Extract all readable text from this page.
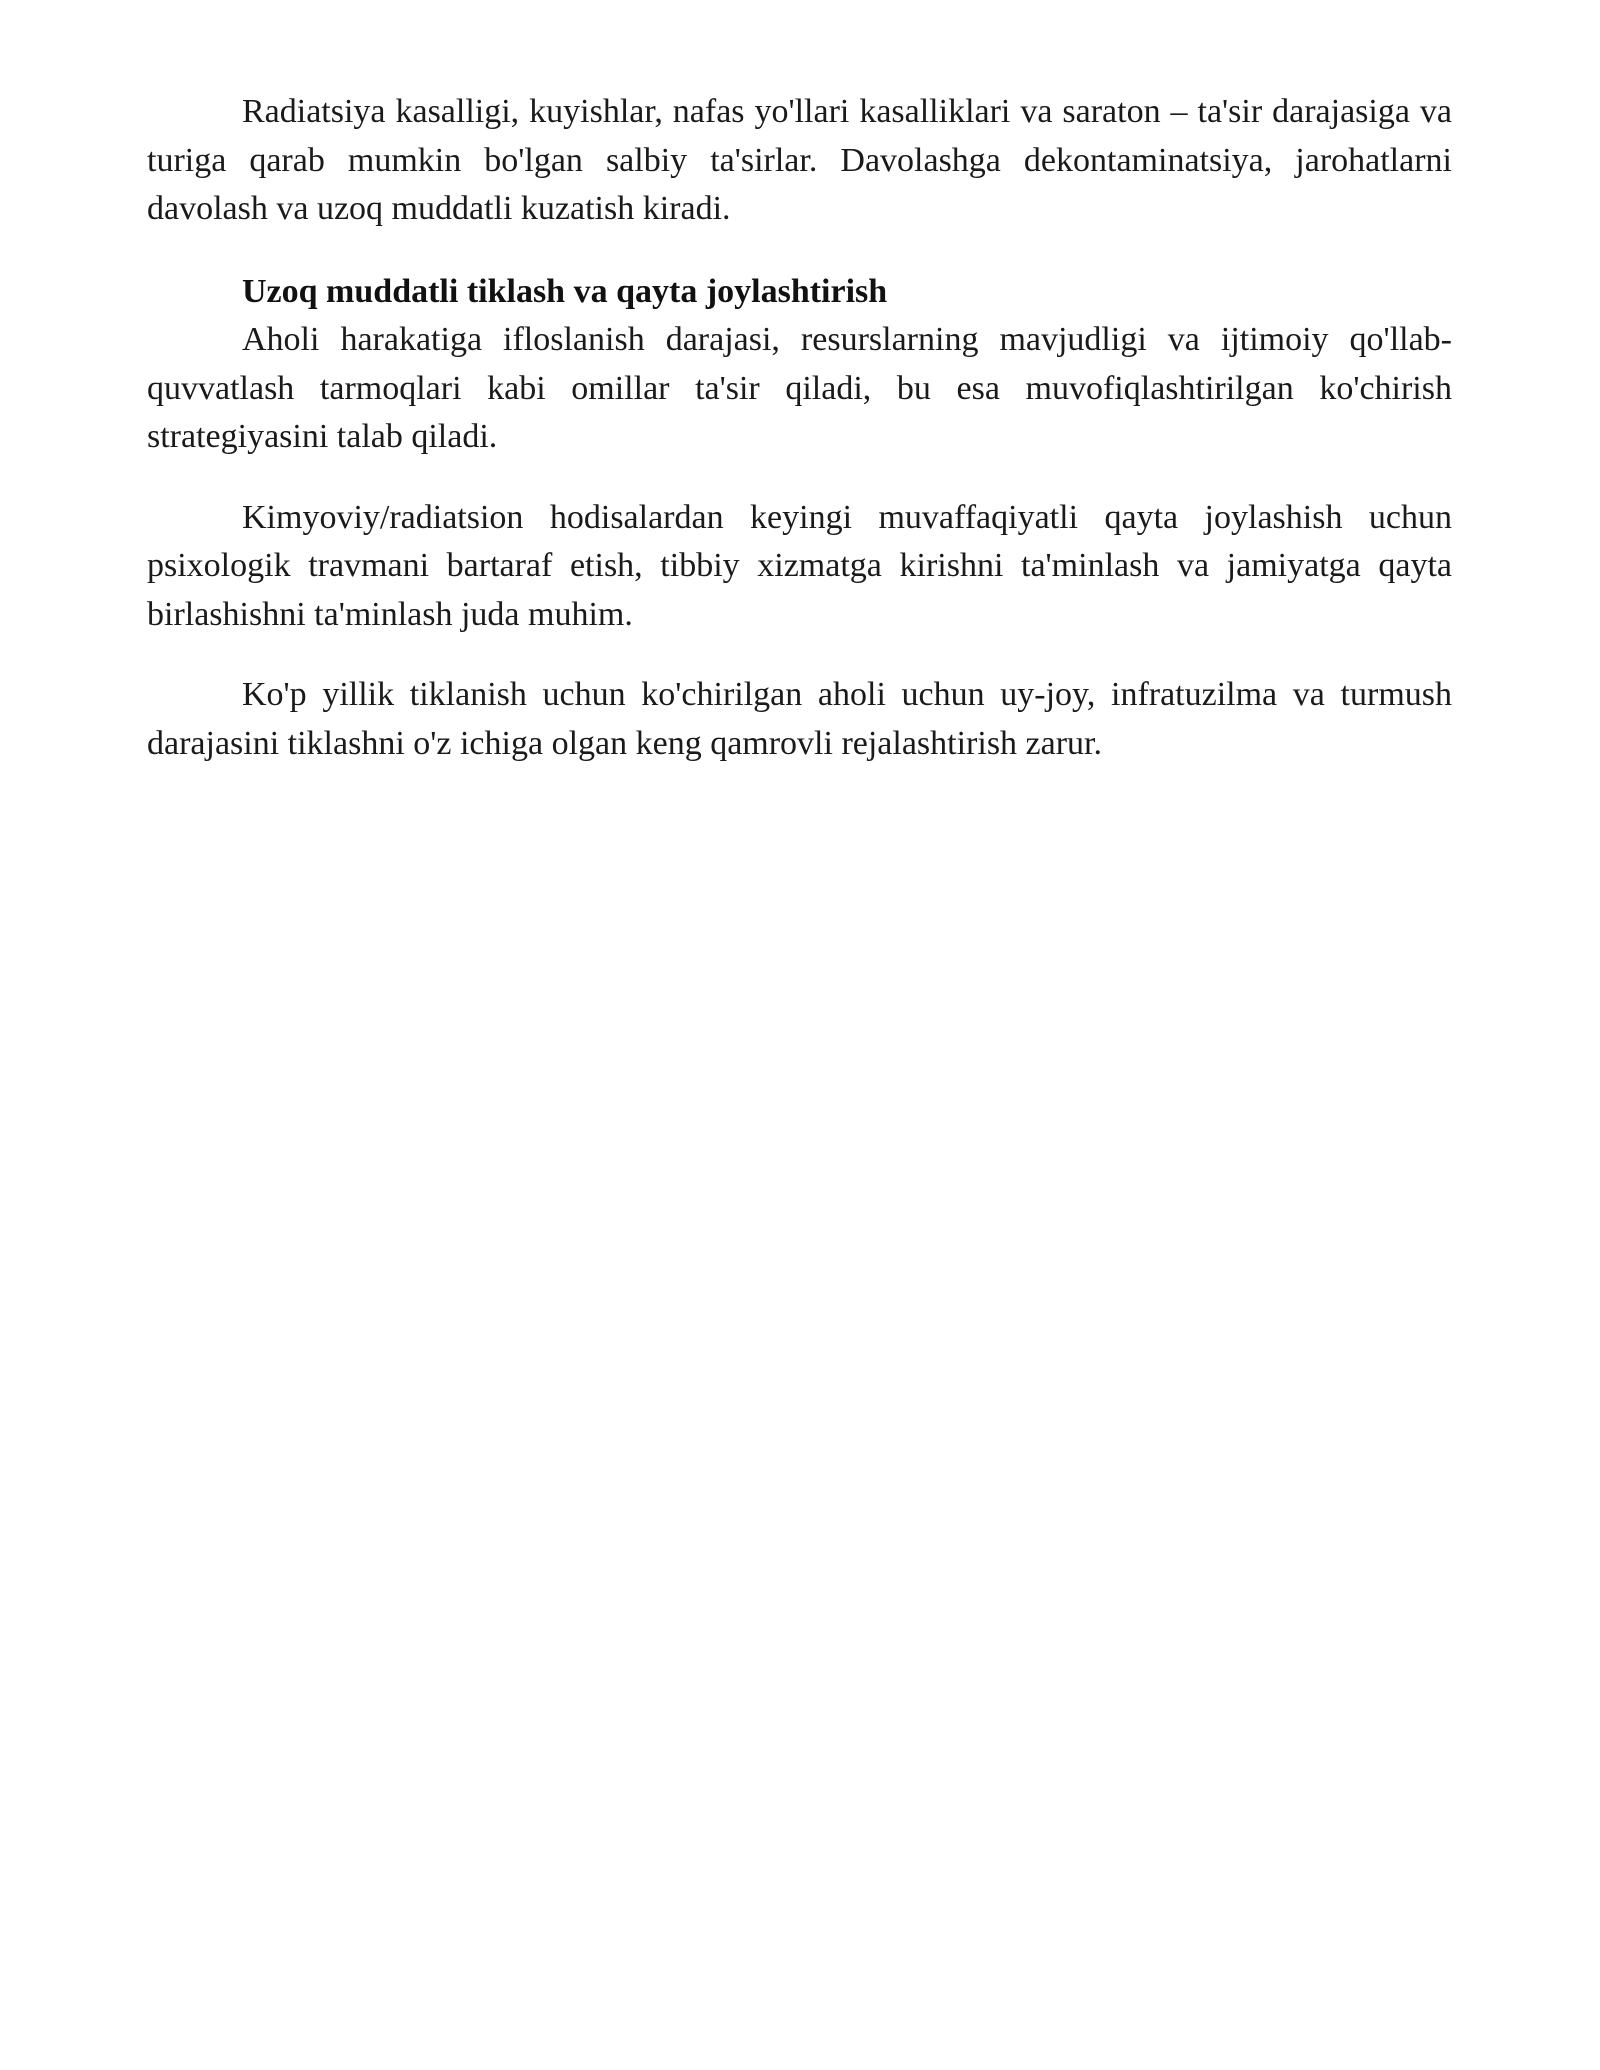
Radiatsiya kasalligi, kuyishlar, nafas yo'llari kasalliklari va saraton – ta'sir darajasiga va turiga qarab mumkin bo'lgan salbiy ta'sirlar. Davolashga dekontaminatsiya, jarohatlarni davolash va uzoq muddatli kuzatish kiradi.

Uzoq muddatli tiklash va qayta joylashtirish

Aholi harakatiga ifloslanish darajasi, resurslarning mavjudligi va ijtimoiy qo'llab-quvvatlash tarmoqlari kabi omillar ta'sir qiladi, bu esa muvofiqlashtirilgan ko'chirish strategiyasini talab qiladi.

Kimyoviy/radiatsion hodisalardan keyingi muvaffaqiyatli qayta joylashish uchun psixologik travmani bartaraf etish, tibbiy xizmatga kirishni ta'minlash va jamiyatga qayta birlashishni ta'minlash juda muhim.

Ko'p yillik tiklanish uchun ko'chirilgan aholi uchun uy-joy, infratuzilma va turmush darajasini tiklashni o'z ichiga olgan keng qamrovli rejalashtirish zarur.
